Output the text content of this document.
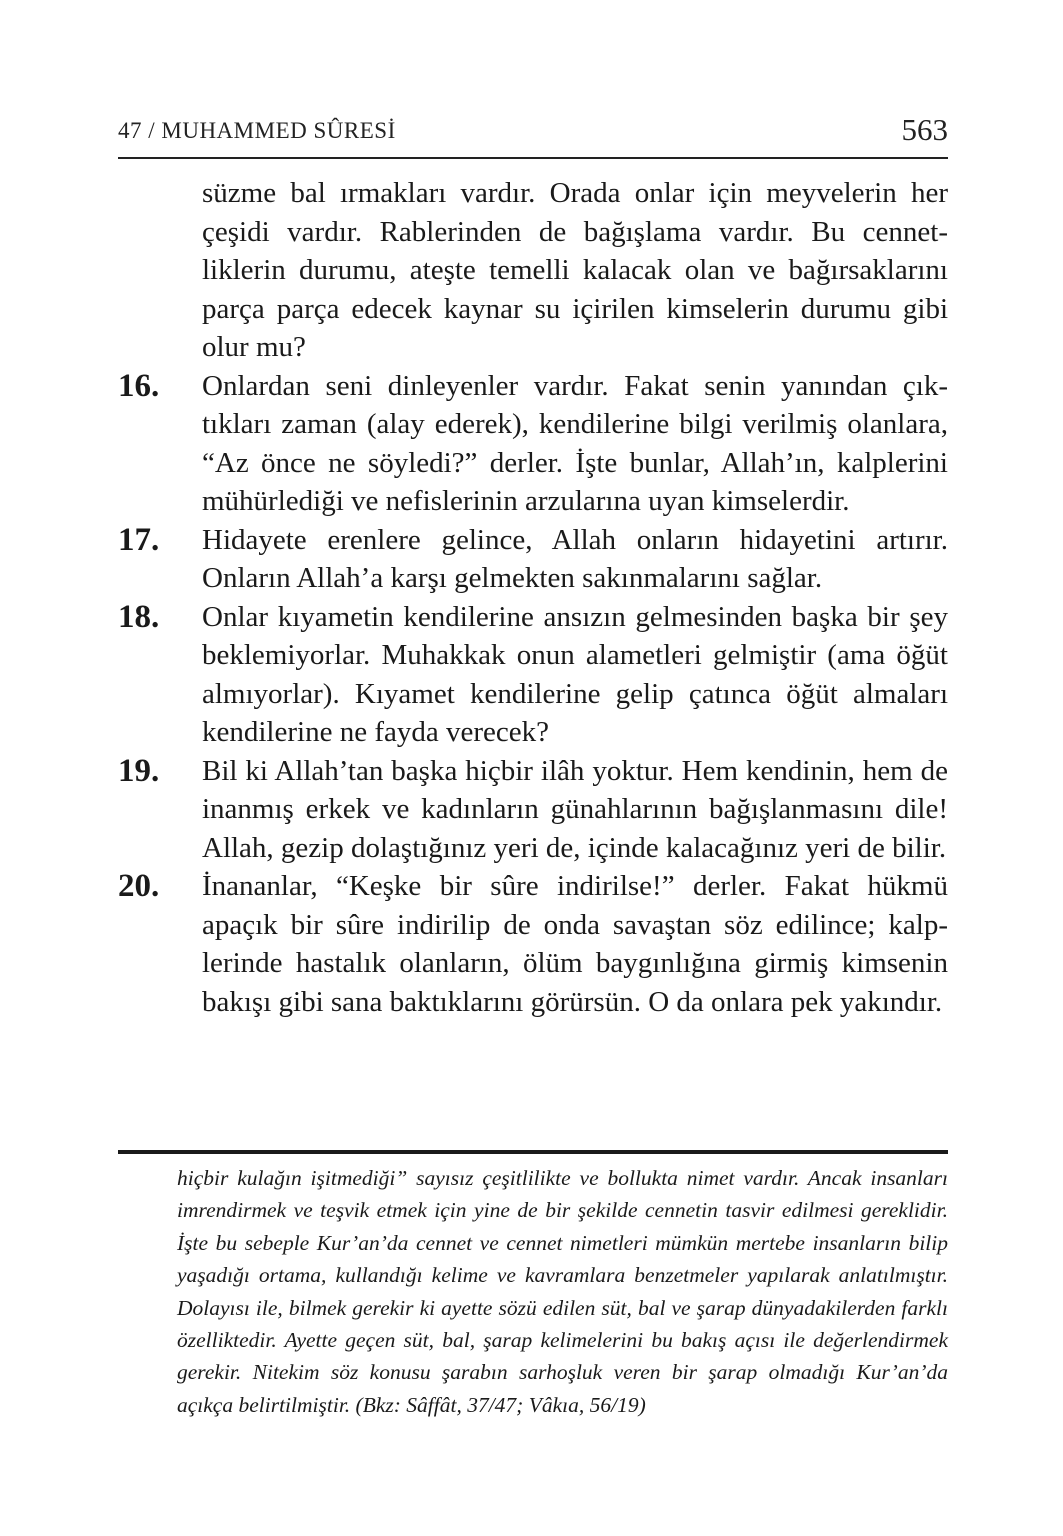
47 / MUHAMMED SÛRESİ	563
süzme bal ırmakları vardır. Orada onlar için meyvelerin her çeşidi vardır. Rablerinden de bağışlama vardır. Bu cennetliklerin durumu, ateşte temelli kalacak olan ve bağırsaklarını parça parça edecek kaynar su içirilen kimselerin durumu gibi olur mu?
16.	Onlardan seni dinleyenler vardır. Fakat senin yanından çıktıkları zaman (alay ederek), kendilerine bilgi verilmiş olanlara, “Az önce ne söyledi?” derler. İşte bunlar, Allah’ın, kalplerini mühürlediği ve nefislerinin arzularına uyan kimselerdir.
17.	Hidayete erenlere gelince, Allah onların hidayetini artırır. Onların Allah’a karşı gelmekten sakınmalarını sağlar.
18.	Onlar kıyametin kendilerine ansızın gelmesinden başka bir şey beklemiyorlar. Muhakkak onun alametleri gelmiştir (ama öğüt almıyorlar). Kıyamet kendilerine gelip çatınca öğüt almaları kendilerine ne fayda verecek?
19.	Bil ki Allah’tan başka hiçbir ilâh yoktur. Hem kendinin, hem de inanmış erkek ve kadınların günahlarının bağışlanmasını dile! Allah, gezip dolaştığınız yeri de, içinde kalacağınız yeri de bilir.
20.	İnananlar, “Keşke bir sûre indirilse!” derler. Fakat hükmü apaçık bir sûre indirilip de onda savaştan söz edilince; kalplerinde hastalık olanların, ölüm baygınlığına girmiş kimsenin bakışı gibi sana baktıklarını görürsün. O da onlara pek yakındır.
hiçbir kulağın işitmediği” sayısız çeşitlilikte ve bollukta nimet vardır. Ancak insanları imrendirmek ve teşvik etmek için yine de bir şekilde cennetin tasvir edilmesi gereklidir. İşte bu sebeple Kur’an’da cennet ve cennet nimetleri mümkün mertebe insanların bilip yaşadığı ortama, kullandığı kelime ve kavramlara benzetmeler yapılarak anlatılmıştır. Dolayısı ile, bilmek gerekir ki ayette sözü edilen süt, bal ve şarap dünyadakilerden farklı özelliktedir. Ayette geçen süt, bal, şarap kelimelerini bu bakış açısı ile değerlendirmek gerekir. Nitekim söz konusu şarabın sarhoşluk veren bir şarap olmadığı Kur’an’da açıkça belirtilmiştir. (Bkz: Sâffât, 37/47; Vâkıa, 56/19)
